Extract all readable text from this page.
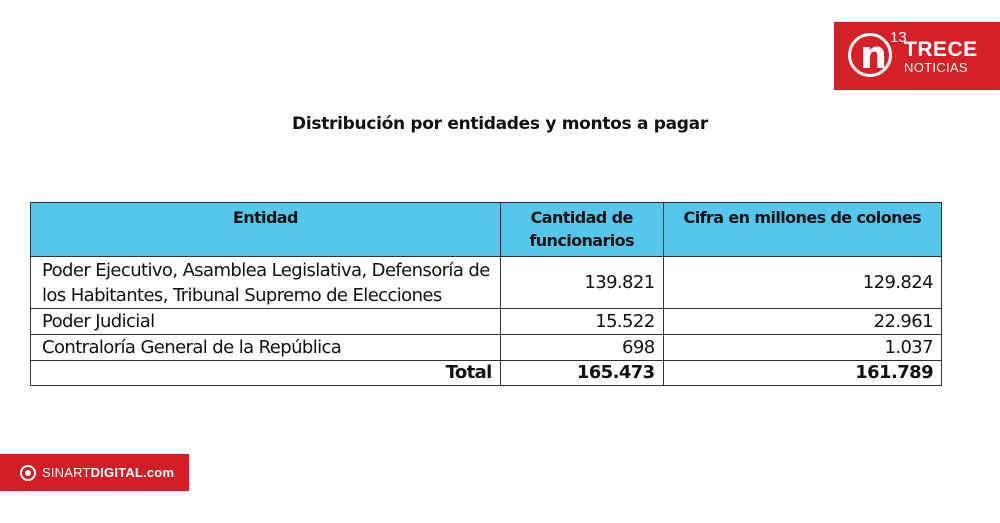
n 13
TRECE
NOTICIAS
Distribución por entidades y montos a pagar
Entidad	Cantidad de funcionarios	Cifra en millones de colones
Poder Ejecutivo, Asamblea Legislativa, Defensoría de los Habitantes, Tribunal Supremo de Elecciones	139.821	129.824
Poder Judicial	15.522	22.961
Contraloría General de la República	698	1.037
Total	165.473	161.789
SINARTDIGITAL.com
